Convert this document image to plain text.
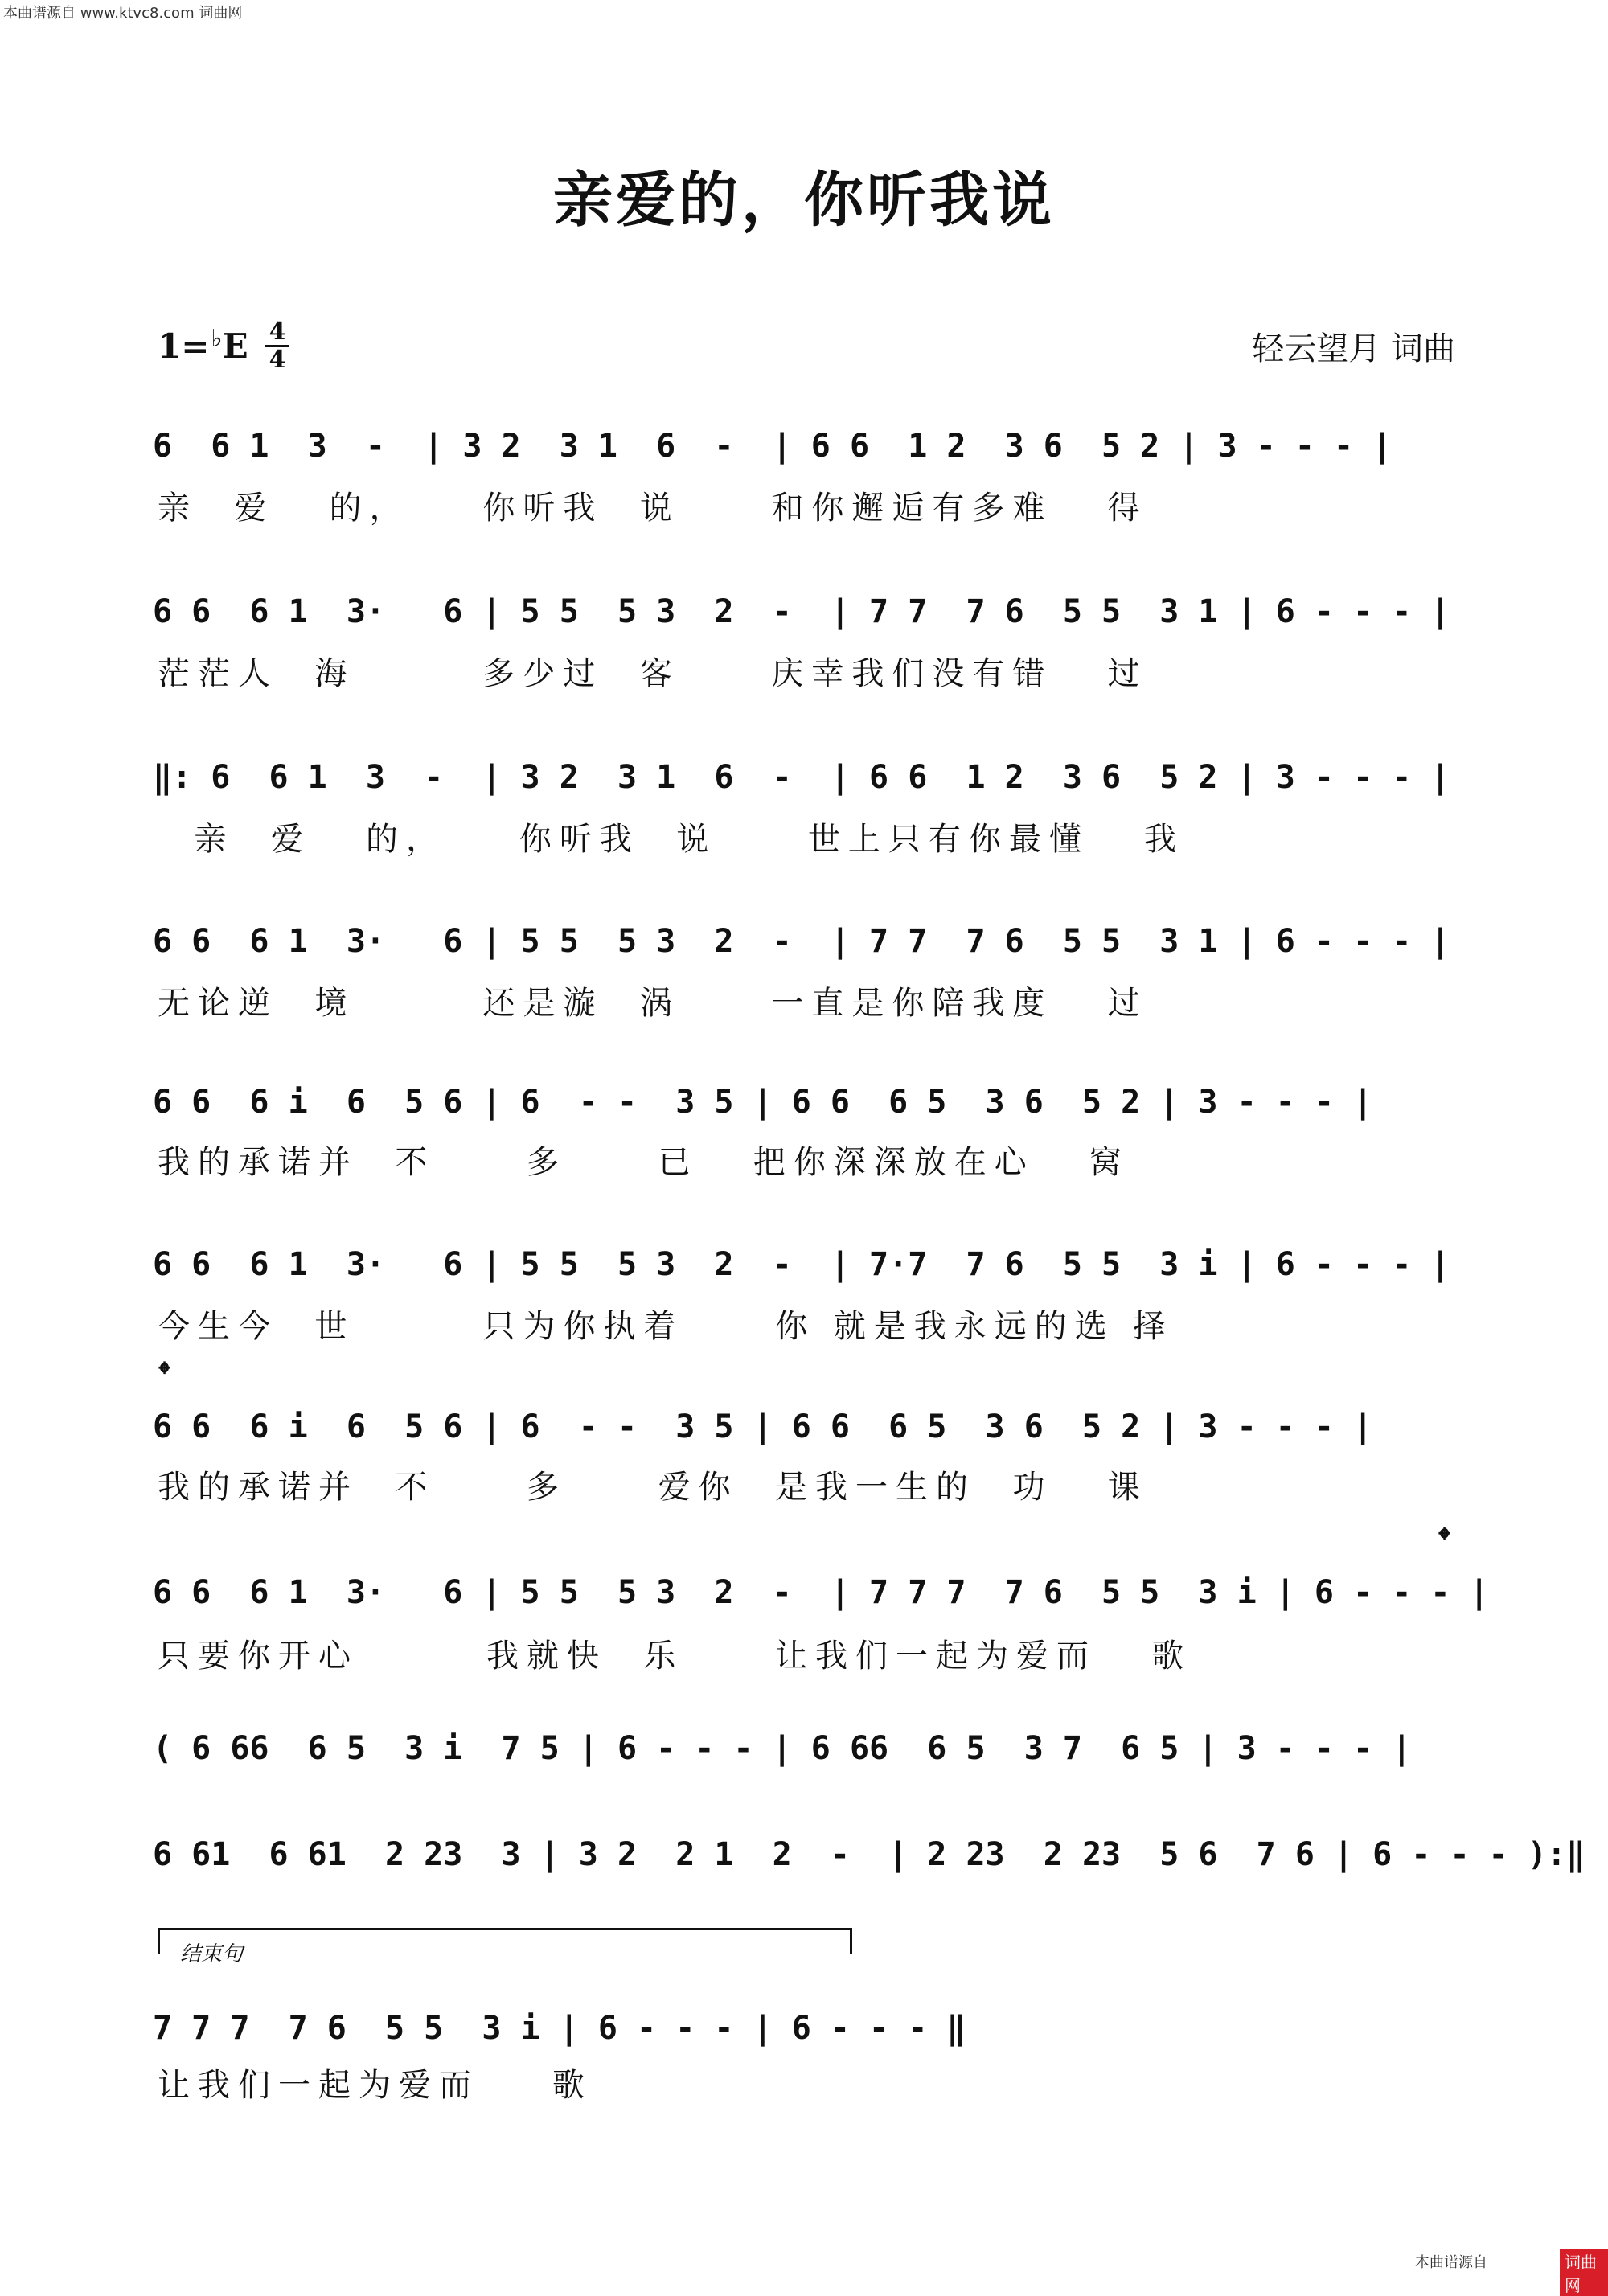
本曲谱源自 www.ktvc8.com 词曲网
亲爱的，你听我说
1=♭E 4
4	轻云望月 词曲
6  6 1  3  -  | 3 2  3 1  6  -  | 6 6  1 2  3 6  5 2 | 3 - - - |
亲  爱   的，    你听我  说     和你邂逅有多难   得
6 6  6 1  3·   6 | 5 5  5 3  2  -  | 7 7  7 6  5 5  3 1 | 6 - - - |
茫茫人  海       多少过  客     庆幸我们没有错   过
‖: 6  6 1  3  -  | 3 2  3 1  6  -  | 6 6  1 2  3 6  5 2 | 3 - - - |
亲  爱   的，    你听我  说     世上只有你最懂   我
6 6  6 1  3·   6 | 5 5  5 3  2  -  | 7 7  7 6  5 5  3 1 | 6 - - - |
无论逆  境       还是漩  涡     一直是你陪我度   过
6 6  6 i  6  5 6 | 6  - -  3 5 | 6 6  6 5  3 6  5 2 | 3 - - - |
我的承诺并  不     多     已   把你深深放在心   窝
6 6  6 1  3·   6 | 5 5  5 3  2  -  | 7·7  7 6  5 5  3 i | 6 - - - |
今生今  世       只为你执着     你 就是我永远的选 择
𝄌
6 6  6 i  6  5 6 | 6  - -  3 5 | 6 6  6 5  3 6  5 2 | 3 - - - |
我的承诺并  不     多     爱你  是我一生的  功   课
𝄌
6 6  6 1  3·   6 | 5 5  5 3  2  -  | 7 7 7  7 6  5 5  3 i | 6 - - - |
只要你开心       我就快  乐     让我们一起为爱而   歌
( 6 66  6 5  3 i  7 5 | 6 - - - | 6 66  6 5  3 7  6 5 | 3 - - - |
6 61  6 61  2 23  3 | 3 2  2 1  2  -  | 2 23  2 23  5 6  7 6 | 6 - - - ):‖
结束句
7 7 7  7 6  5 5  3 i | 6 - - - | 6 - - - ‖
让我们一起为爱而    歌
本曲谱源自	词曲网
